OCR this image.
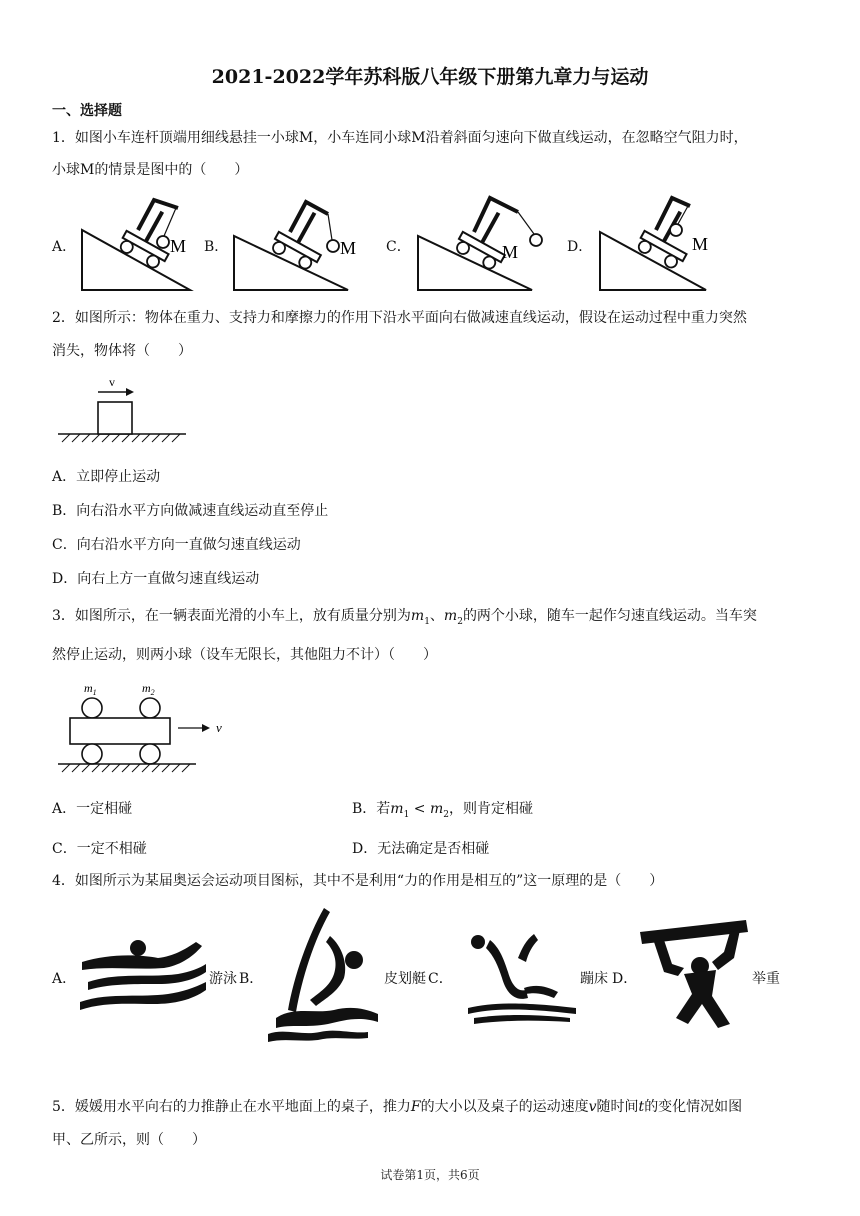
2021-2022学年苏科版八年级下册第九章力与运动
一、选择题
1．如图小车连杆顶端用细线悬挂一小球M，小车连同小球M沿着斜面匀速向下做直线运动，在忽略空气阻力时，
小球M的情景是图中的（　　）
A．	B．	C．	D．
M	M	M	M
2．如图所示：物体在重力、支持力和摩擦力的作用下沿水平面向右做减速直线运动，假设在运动过程中重力突然
消失，物体将（　　）
v
A．立即停止运动
B．向右沿水平方向做减速直线运动直至停止
C．向右沿水平方向一直做匀速直线运动
D．向右上方一直做匀速直线运动
3．如图所示，在一辆表面光滑的小车上，放有质量分别为$m_1$、$m_2$的两个小球，随车一起作匀速直线运动。当车突
然停止运动，则两小球（设车无限长，其他阻力不计）（　　）
$m_1$	$m_2$
v
A．一定相碰	B．若$m_1 < m_2$，则肯定相碰
C．一定不相碰	D．无法确定是否相碰
4．如图所示为某届奥运会运动项目图标，其中不是利用“力的作用是相互的”这一原理的是（　　）
A．	游泳 B．	皮划艇 C．	蹦床 D．	举重
5．媛媛用水平向右的力推静止在水平地面上的桌子，推力F的大小以及桌子的运动速度v随时间t的变化情况如图
甲、乙所示，则（　　）
试卷第1页，共6页
